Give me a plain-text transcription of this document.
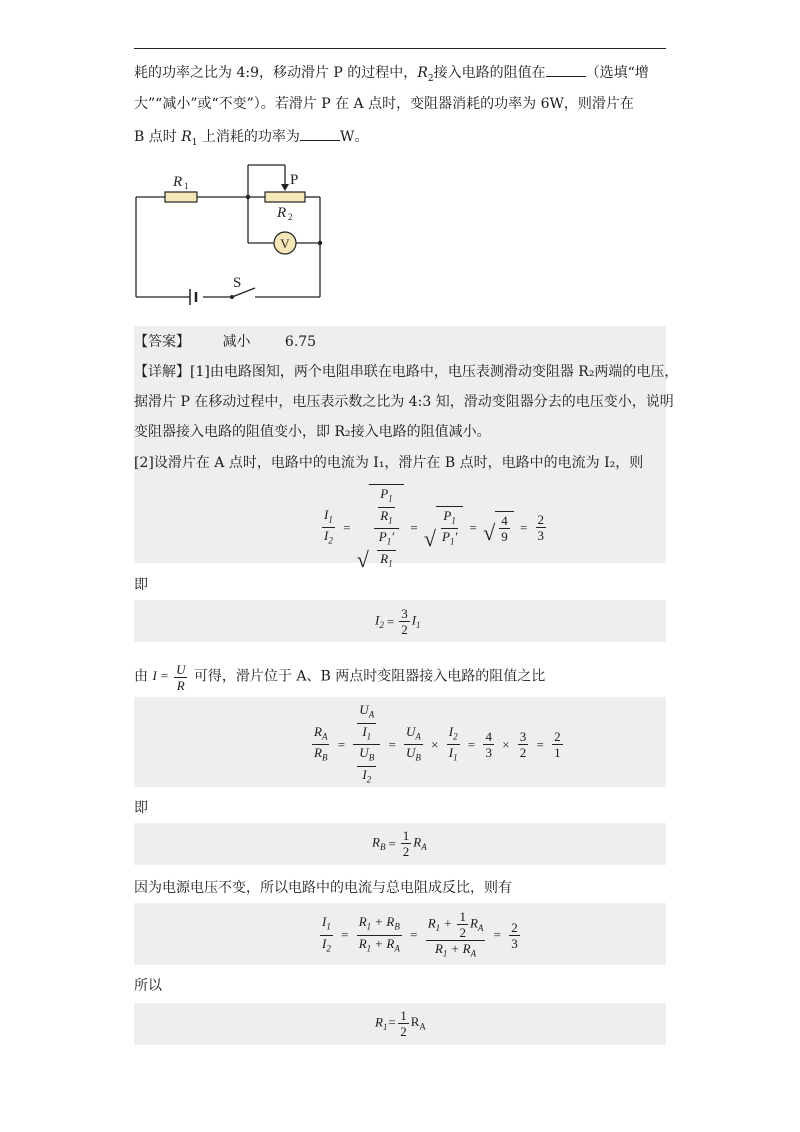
耗的功率之比为 4:9，移动滑片 P 的过程中，$R_2$接入电路的阻值在	（选填“增
大”“减小”或“不变”）。若滑片 P 在 A 点时，变阻器消耗的功率为 6W，则滑片在
B 点时 $R_1$ 上消耗的功率为	W。
V
R 1
R 2
P
S
【答案】 减小 6.75
【详解】[1]由电路图知，两个电阻串联在电路中，电压表测滑动变阻器 R₂两端的电压，
据滑片 P 在移动过程中，电压表示数之比为 4:3 知，滑动变阻器分去的电压变小，说明
变阻器接入电路的阻值变小，即 R₂接入电路的阻值减小。
[2]设滑片在 A 点时，电路中的电流为 I₁，滑片在 B 点时，电路中的电流为 I₂，则
$\frac{I_1}{I_2}$ =
√ $\frac{\frac{P_1}{R_1}}{\frac{P_1'}{R_1}}$ = √ $\frac{P_1}{P_1'}$ = √ $\frac{4}{9} = \frac{2}{3}$
即
$I_2 = \frac{3}{2} I_1$
由 $I = \frac{U}{R}$ 可得，滑片位于 A、B 两点时变阻器接入电路的阻值之比
$\frac{R_A}{R_B} = \frac{\frac{U_A}{I_1}}{\frac{U_B}{I_2}} = \frac{U_A}{U_B} \times \frac{I_2}{I_1} = \frac{4}{3} \times \frac{3}{2} = \frac{2}{1}$
即
$R_B = \frac{1}{2} R_A$
因为电源电压不变，所以电路中的电流与总电阻成反比，则有
$\frac{I_1}{I_2} = \frac{R_1 + R_B}{R_1 + R_A} = \frac{R_1 + \frac{1}{2} R_A}{R_1 + R_A} = \frac{2}{3}$
所以
$R_1= \frac{1}{2} R_A$
